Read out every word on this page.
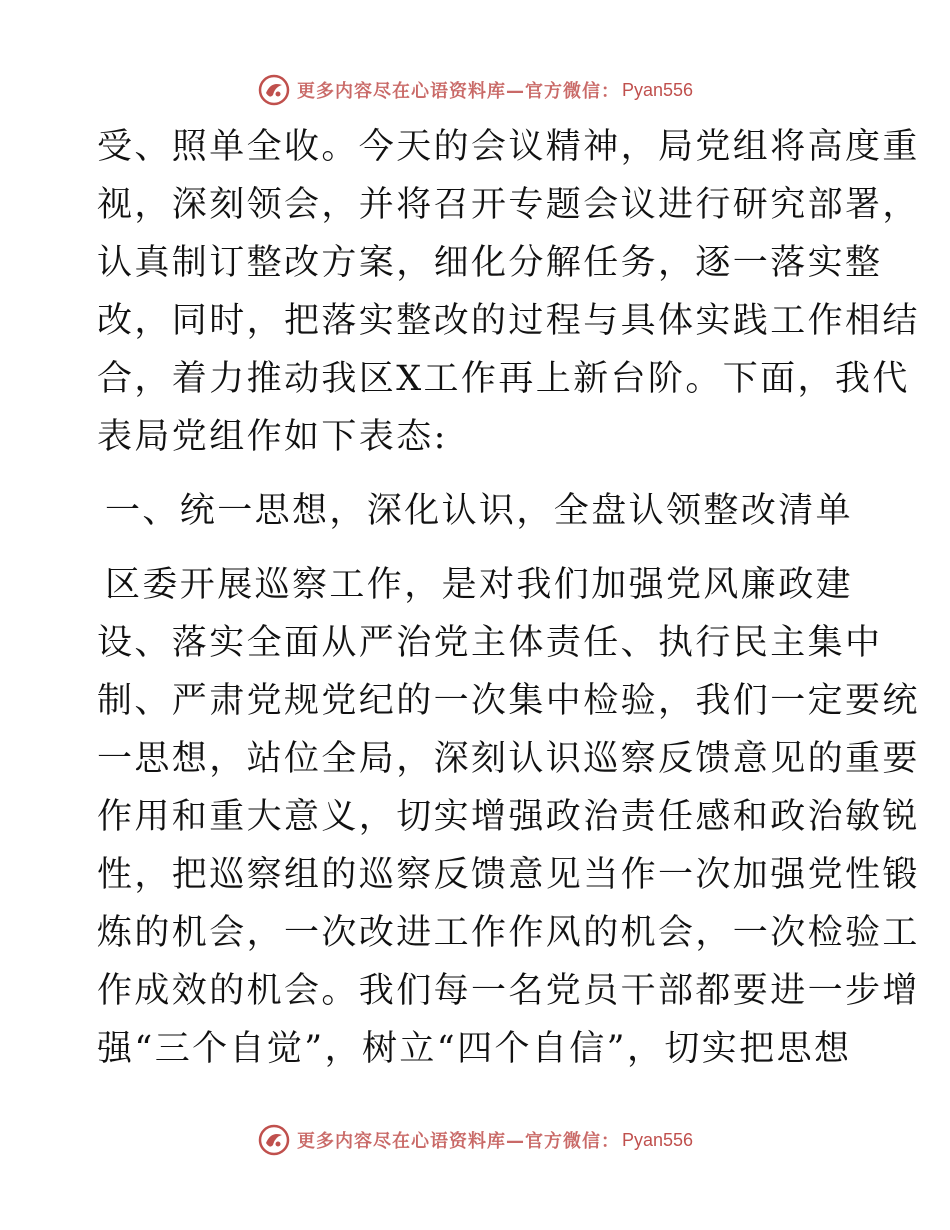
更多内容尽在心语资料库—官方微信： Pyan556
受、照单全收。今天的会议精神，局党组将高度重
视，深刻领会，并将召开专题会议进行研究部署，
认真制订整改方案，细化分解任务，逐一落实整
改，同时，把落实整改的过程与具体实践工作相结
合，着力推动我区X工作再上新台阶。下面，我代
表局党组作如下表态:
一、统一思想，深化认识，全盘认领整改清单
区委开展巡察工作，是对我们加强党风廉政建
设、落实全面从严治党主体责任、执行民主集中
制、严肃党规党纪的一次集中检验，我们一定要统
一思想，站位全局，深刻认识巡察反馈意见的重要
作用和重大意义，切实增强政治责任感和政治敏锐
性，把巡察组的巡察反馈意见当作一次加强党性锻
炼的机会，一次改进工作作风的机会，一次检验工
作成效的机会。我们每一名党员干部都要进一步增
强“三个自觉”，树立“四个自信”，切实把思想
更多内容尽在心语资料库—官方微信： Pyan556
